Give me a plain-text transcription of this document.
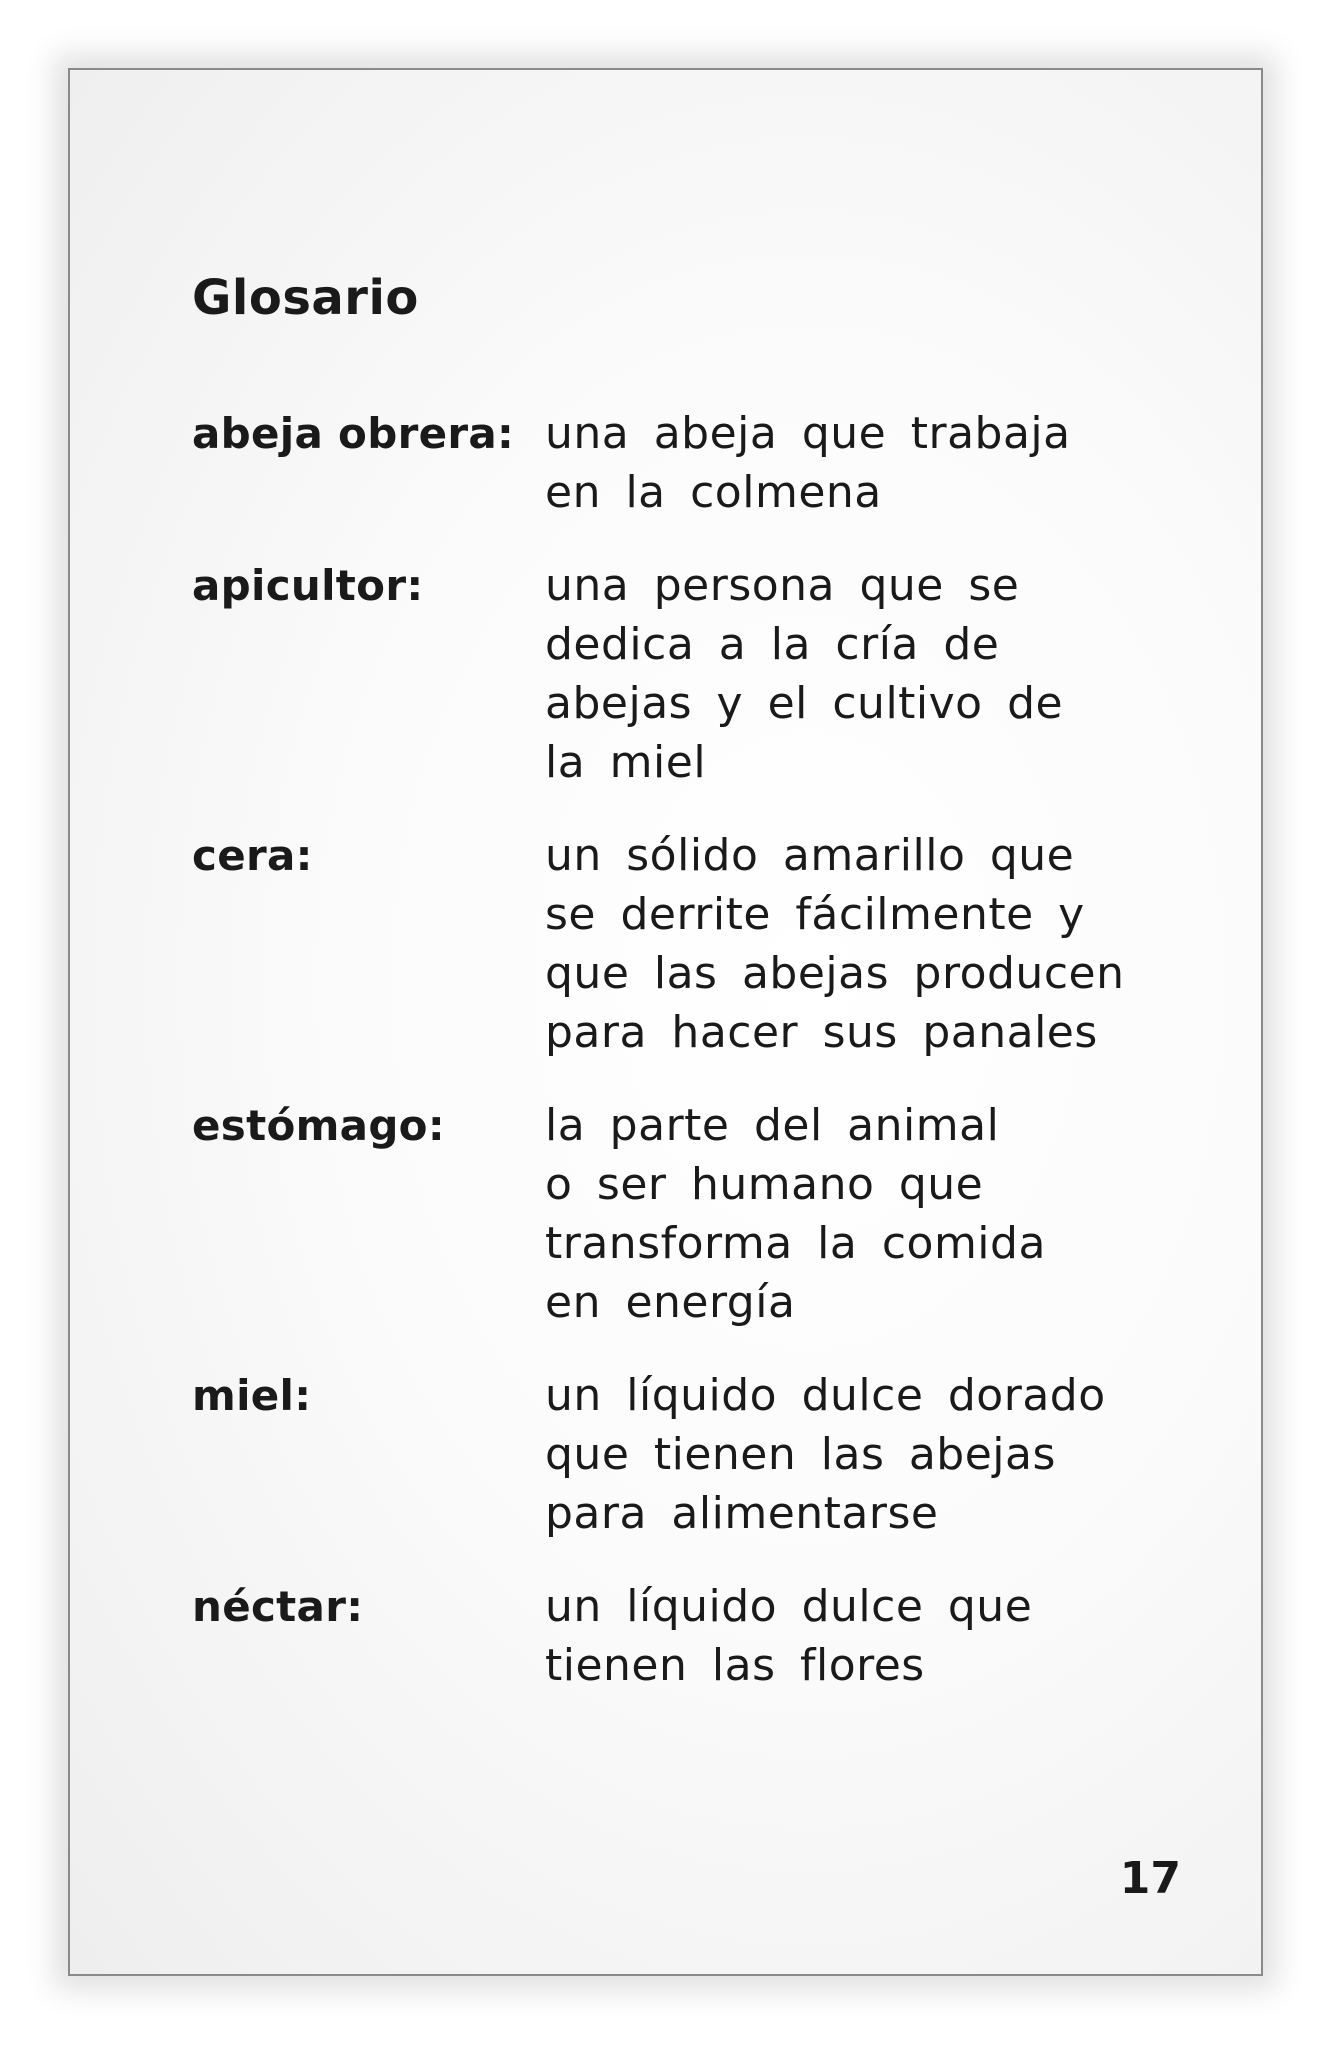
Glosario
abeja obrera: una abeja que trabaja
en la colmena
apicultor:	una persona que se
dedica a la cría de
abejas y el cultivo de
la miel
cera:	un sólido amarillo que
se derrite fácilmente y
que las abejas producen
para hacer sus panales
estómago:	la parte del animal
o ser humano que
transforma la comida
en energía
miel:	un líquido dulce dorado
que tienen las abejas
para alimentarse
néctar:	un líquido dulce que
tienen las flores
17
